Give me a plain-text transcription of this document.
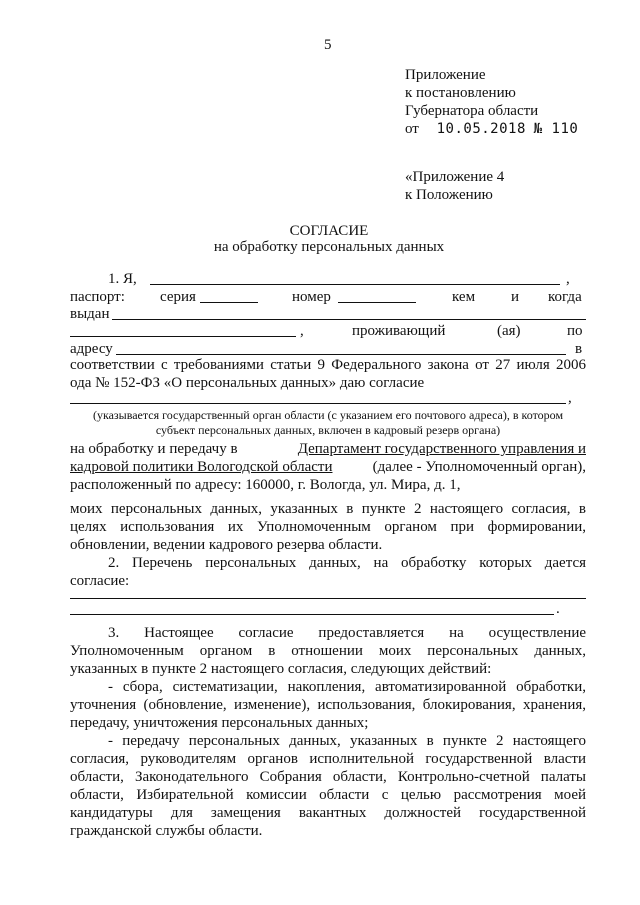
5
Приложение
к постановлению
Губернатора области
от 10.05.2018 № 110
«Приложение 4
к Положению
СОГЛАСИЕ
на обработку персональных данных
1. Я,	,
паспорт: серия	номер	кем и когда
выдан
,	проживающий	(ая)	по
адресу	в
соответствии с требованиями статьи 9 Федерального закона от 27 июля 2006
ода № 152-ФЗ «О персональных данных» даю согласие
,
(указывается государственный орган области (с указанием его почтового адреса), в котором
субъект персональных данных, включен в кадровый резерв органа)
на обработку и передачу в	Департамент государственного управления и
кадровой политики Вологодской области	(далее - Уполномоченный орган),
расположенный по адресу: 160000, г. Вологда, ул. Мира, д. 1,
моих персональных данных, указанных в пункте 2 настоящего согласия, в
целях использования их Уполномоченным органом при формировании,
обновлении, ведении кадрового резерва области.
2. Перечень персональных данных, на обработку которых дается
согласие:
.
3. Настоящее согласие предоставляется на осуществление
Уполномоченным органом в отношении моих персональных данных,
указанных в пункте 2 настоящего согласия, следующих действий:
- сбора, систематизации, накопления, автоматизированной обработки,
уточнения (обновление, изменение), использования, блокирования, хранения,
передачу, уничтожения персональных данных;
- передачу персональных данных, указанных в пункте 2 настоящего
согласия, руководителям органов исполнительной государственной власти
области, Законодательного Собрания области, Контрольно-счетной палаты
области, Избирательной комиссии области с целью рассмотрения моей
кандидатуры для замещения вакантных должностей государственной
гражданской службы области.
